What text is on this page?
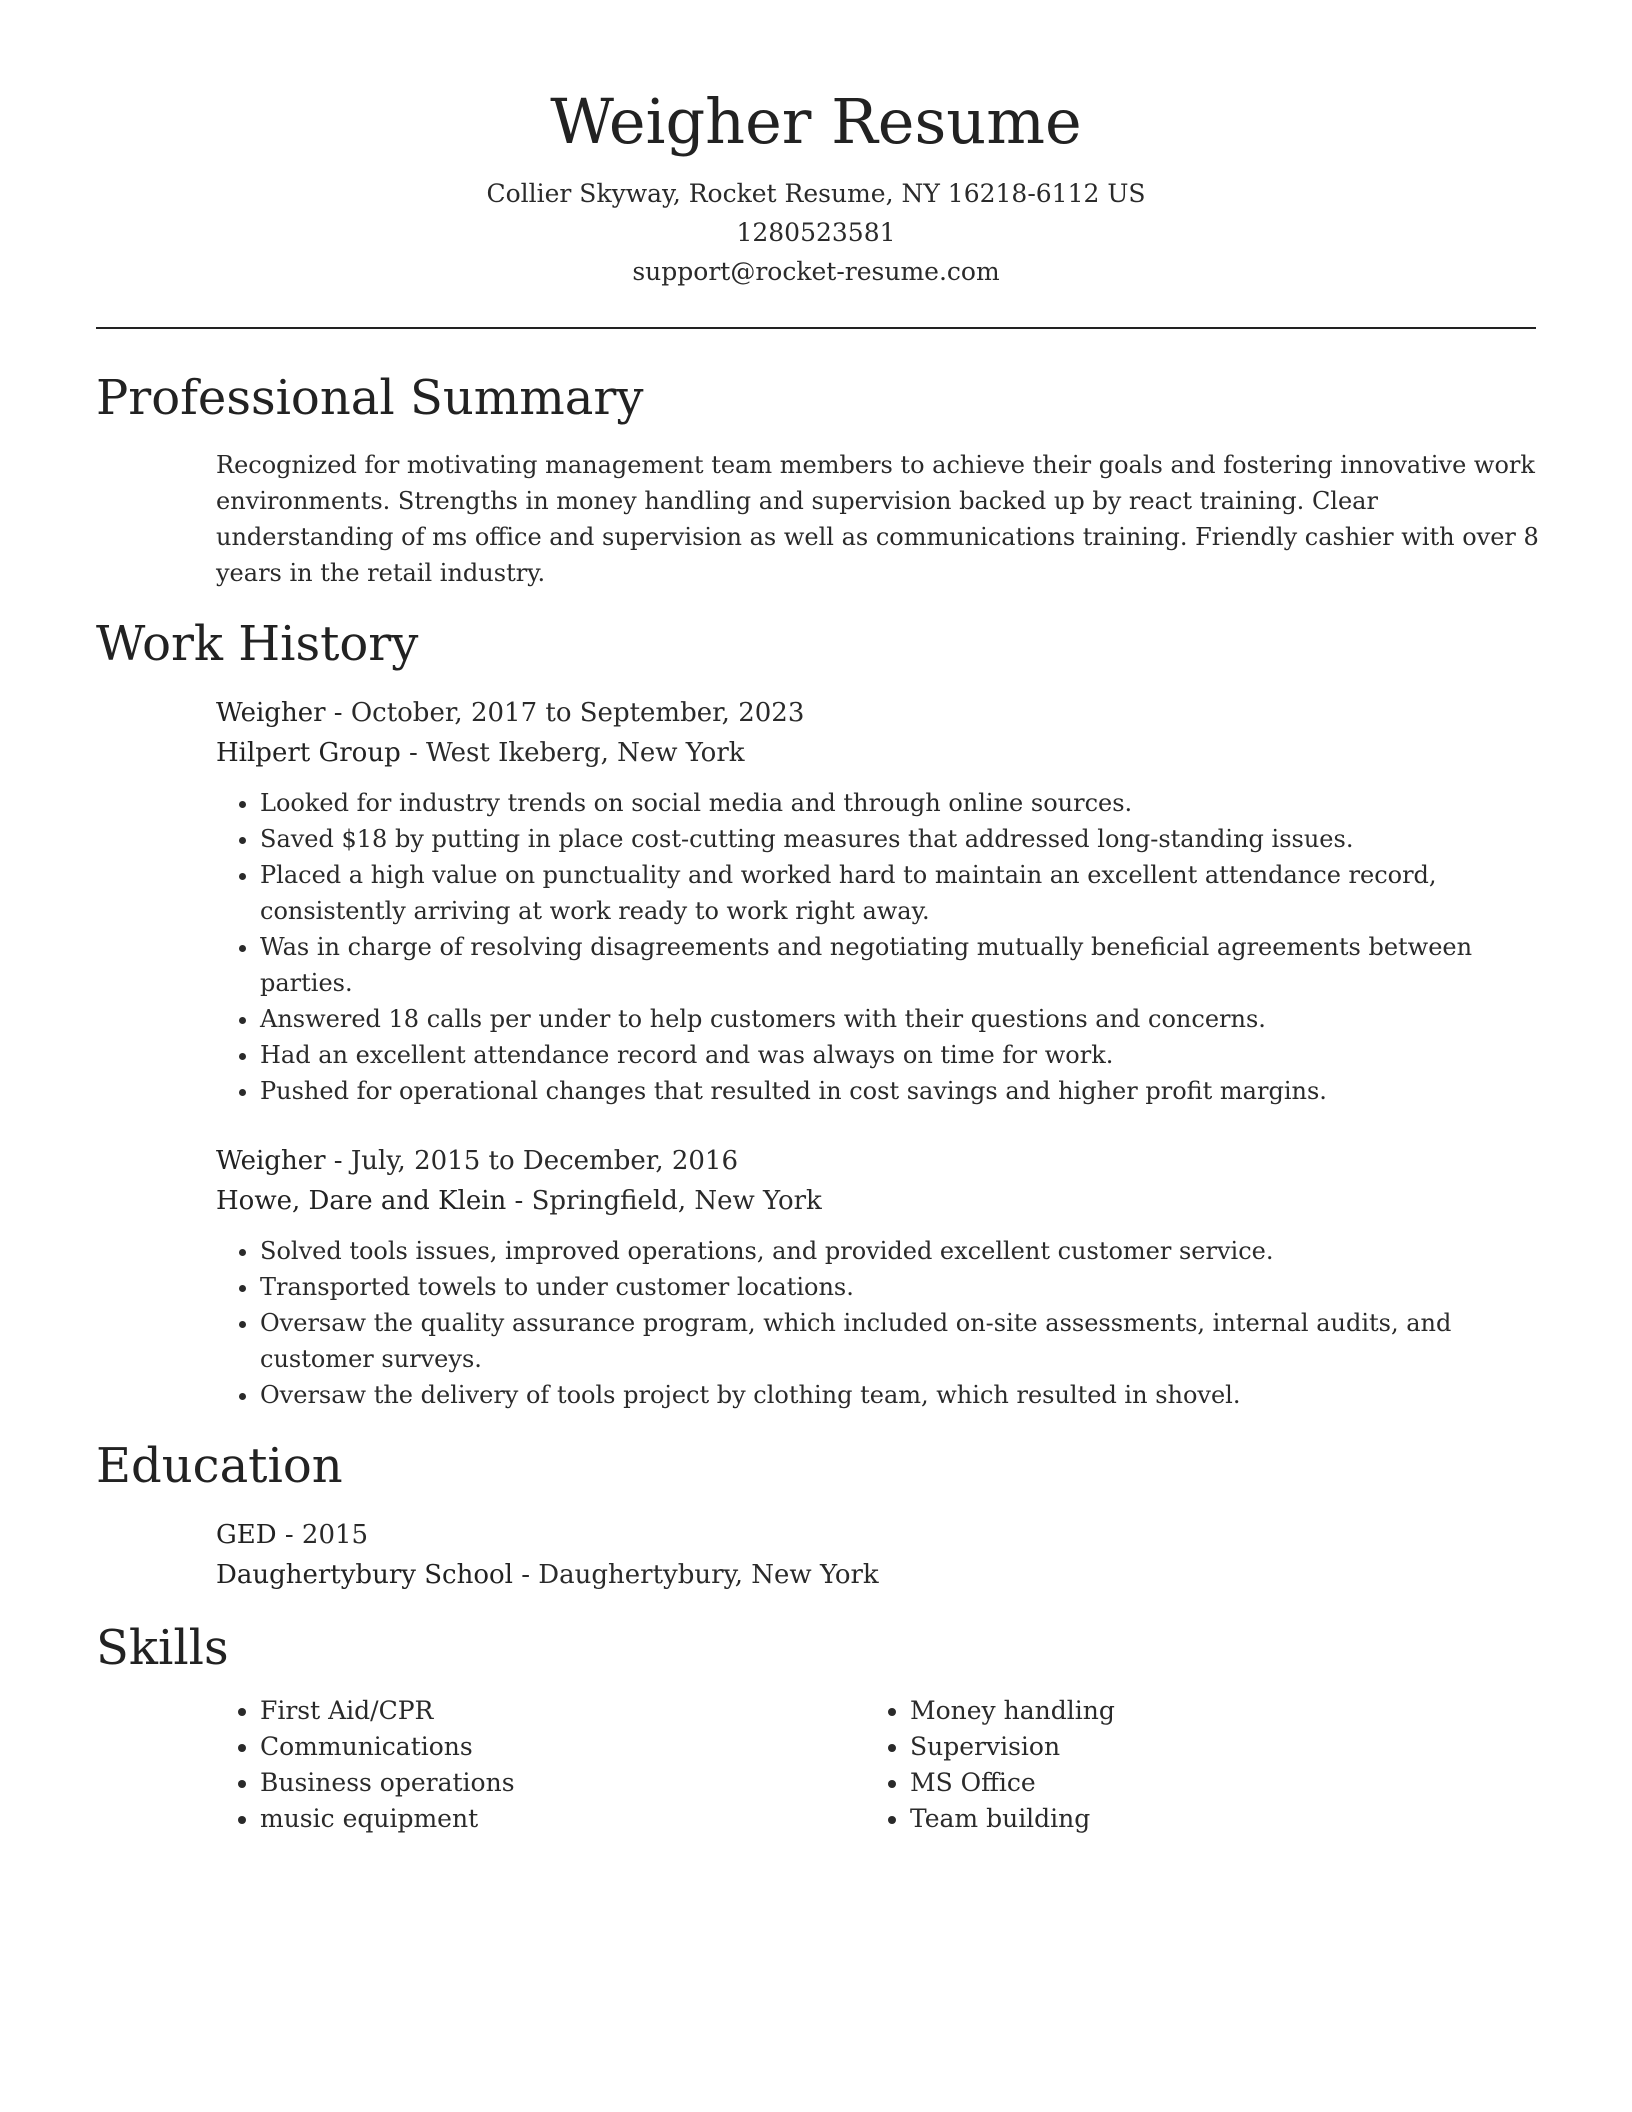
Weigher Resume
Collier Skyway, Rocket Resume, NY 16218-6112 US
1280523581
support@rocket-resume.com
Professional Summary
Recognized for motivating management team members to achieve their goals and fostering innovative work environments. Strengths in money handling and supervision backed up by react training. Clear understanding of ms office and supervision as well as communications training. Friendly cashier with over 8 years in the retail industry.
Work History
Weigher - October, 2017 to September, 2023
Hilpert Group - West Ikeberg, New York
• Looked for industry trends on social media and through online sources.
• Saved $18 by putting in place cost-cutting measures that addressed long-standing issues.
• Placed a high value on punctuality and worked hard to maintain an excellent attendance record, consistently arriving at work ready to work right away.
• Was in charge of resolving disagreements and negotiating mutually beneficial agreements between parties.
• Answered 18 calls per under to help customers with their questions and concerns.
• Had an excellent attendance record and was always on time for work.
• Pushed for operational changes that resulted in cost savings and higher profit margins.
Weigher - July, 2015 to December, 2016
Howe, Dare and Klein - Springfield, New York
• Solved tools issues, improved operations, and provided excellent customer service.
• Transported towels to under customer locations.
• Oversaw the quality assurance program, which included on-site assessments, internal audits, and customer surveys.
• Oversaw the delivery of tools project by clothing team, which resulted in shovel.
Education
GED - 2015
Daughertybury School - Daughertybury, New York
Skills
• First Aid/CPR
• Communications
• Business operations
• music equipment
• Money handling
• Supervision
• MS Office
• Team building
